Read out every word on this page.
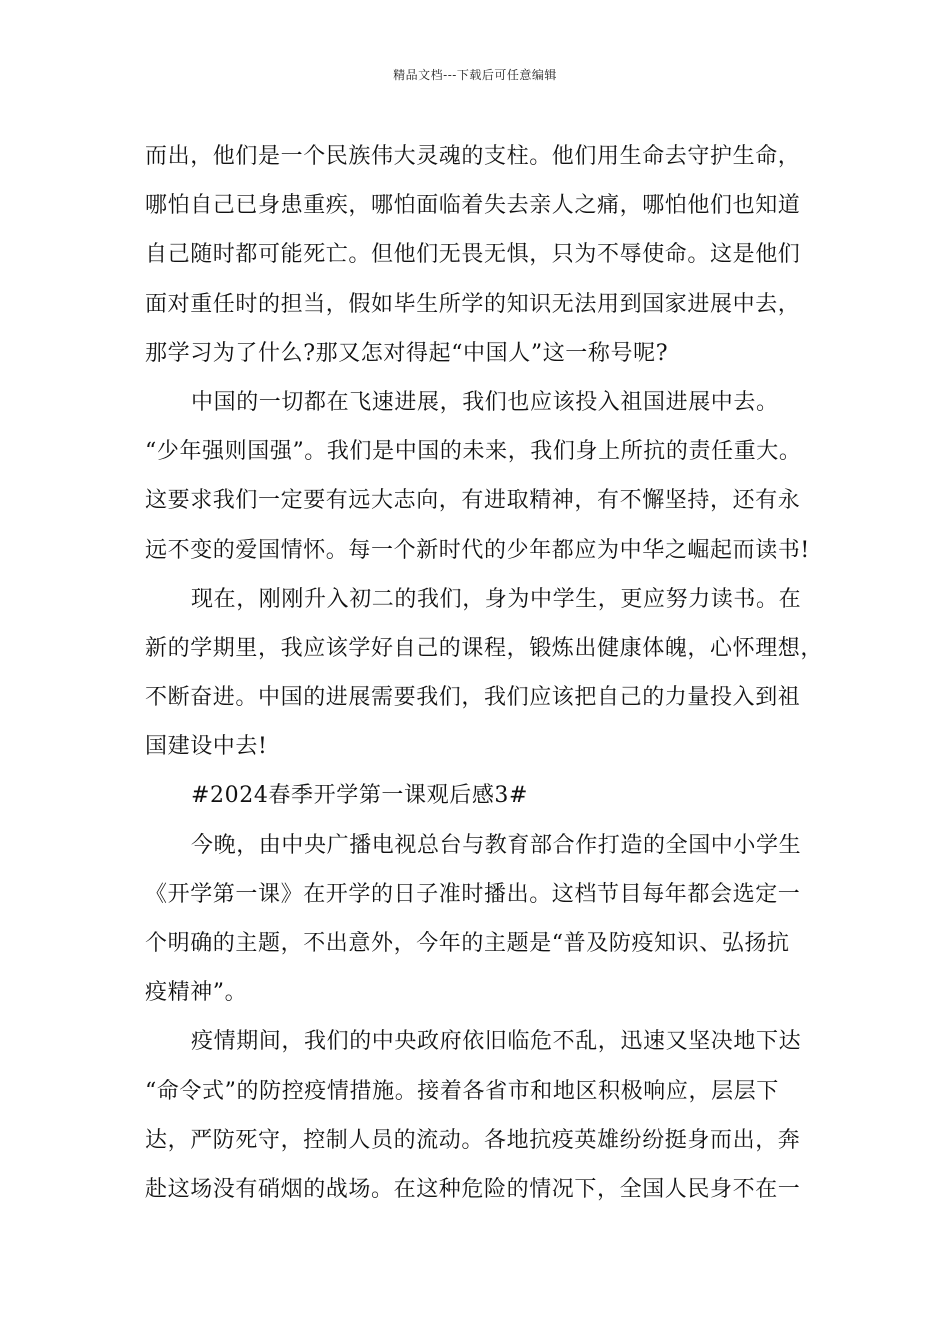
精品文档---下载后可任意编辑
而出，他们是一个民族伟大灵魂的支柱。他们用生命去守护生命，
哪怕自己已身患重疾，哪怕面临着失去亲人之痛，哪怕他们也知道
自己随时都可能死亡。但他们无畏无惧，只为不辱使命。这是他们
面对重任时的担当，假如毕生所学的知识无法用到国家进展中去，
那学习为了什么?那又怎对得起“中国人”这一称号呢?
中国的一切都在飞速进展，我们也应该投入祖国进展中去。
“少年强则国强”。我们是中国的未来，我们身上所抗的责任重大。
这要求我们一定要有远大志向，有进取精神，有不懈坚持，还有永
远不变的爱国情怀。每一个新时代的少年都应为中华之崛起而读书!
现在，刚刚升入初二的我们，身为中学生，更应努力读书。在
新的学期里，我应该学好自己的课程，锻炼出健康体魄，心怀理想，
不断奋进。中国的进展需要我们，我们应该把自己的力量投入到祖
国建设中去!
#2024春季开学第一课观后感3#
今晚，由中央广播电视总台与教育部合作打造的全国中小学生
《开学第一课》在开学的日子准时播出。这档节目每年都会选定一
个明确的主题，不出意外，今年的主题是“普及防疫知识、弘扬抗
疫精神”。
疫情期间，我们的中央政府依旧临危不乱，迅速又坚决地下达
“命令式”的防控疫情措施。接着各省市和地区积极响应，层层下
达，严防死守，控制人员的流动。各地抗疫英雄纷纷挺身而出，奔
赴这场没有硝烟的战场。在这种危险的情况下，全国人民身不在一
